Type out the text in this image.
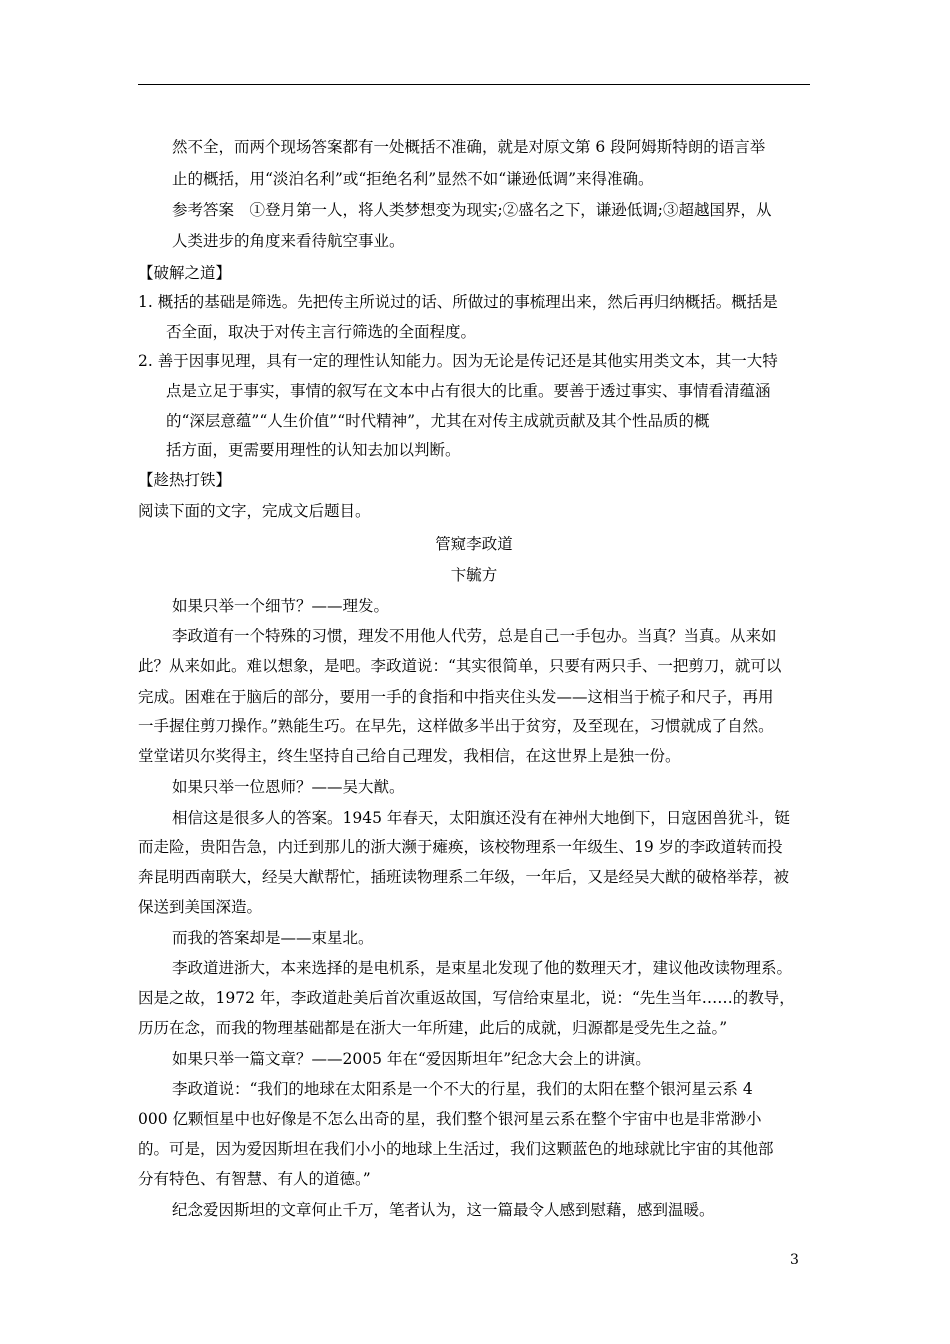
然不全，而两个现场答案都有一处概括不准确，就是对原文第 6 段阿姆斯特朗的语言举
止的概括，用“淡泊名利”或“拒绝名利”显然不如“谦逊低调”来得准确。
参考答案　①登月第一人，将人类梦想变为现实;②盛名之下，谦逊低调;③超越国界，从
人类进步的角度来看待航空事业。
【破解之道】
1. 概括的基础是筛选。先把传主所说过的话、所做过的事梳理出来，然后再归纳概括。概括是
否全面，取决于对传主言行筛选的全面程度。
2. 善于因事见理，具有一定的理性认知能力。因为无论是传记还是其他实用类文本，其一大特
点是立足于事实，事情的叙写在文本中占有很大的比重。要善于透过事实、事情看清蕴涵
的“深层意蕴”“人生价值”“时代精神”，尤其在对传主成就贡献及其个性品质的概
括方面，更需要用理性的认知去加以判断。
【趁热打铁】
阅读下面的文字，完成文后题目。
管窥李政道
卞毓方
如果只举一个细节？——理发。
李政道有一个特殊的习惯，理发不用他人代劳，总是自己一手包办。当真？当真。从来如
此？从来如此。难以想象，是吧。李政道说：“其实很简单，只要有两只手、一把剪刀，就可以
完成。困难在于脑后的部分，要用一手的食指和中指夹住头发——这相当于梳子和尺子，再用
一手握住剪刀操作。”熟能生巧。在早先，这样做多半出于贫穷，及至现在，习惯就成了自然。
堂堂诺贝尔奖得主，终生坚持自己给自己理发，我相信，在这世界上是独一份。
如果只举一位恩师？——吴大猷。
相信这是很多人的答案。1945 年春天，太阳旗还没有在神州大地倒下，日寇困兽犹斗，铤
而走险，贵阳告急，内迁到那儿的浙大濒于瘫痪，该校物理系一年级生、19 岁的李政道转而投
奔昆明西南联大，经吴大猷帮忙，插班读物理系二年级，一年后，又是经吴大猷的破格举荐，被
保送到美国深造。
而我的答案却是——束星北。
李政道进浙大，本来选择的是电机系，是束星北发现了他的数理天才，建议他改读物理系。
因是之故，1972 年，李政道赴美后首次重返故国，写信给束星北，说：“先生当年……的教导，
历历在念，而我的物理基础都是在浙大一年所建，此后的成就，归源都是受先生之益。”
如果只举一篇文章？——2005 年在“爱因斯坦年”纪念大会上的讲演。
李政道说：“我们的地球在太阳系是一个不大的行星，我们的太阳在整个银河星云系 4
000 亿颗恒星中也好像是不怎么出奇的星，我们整个银河星云系在整个宇宙中也是非常渺小
的。可是，因为爱因斯坦在我们小小的地球上生活过，我们这颗蓝色的地球就比宇宙的其他部
分有特色、有智慧、有人的道德。”
纪念爱因斯坦的文章何止千万，笔者认为，这一篇最令人感到慰藉，感到温暖。
3
